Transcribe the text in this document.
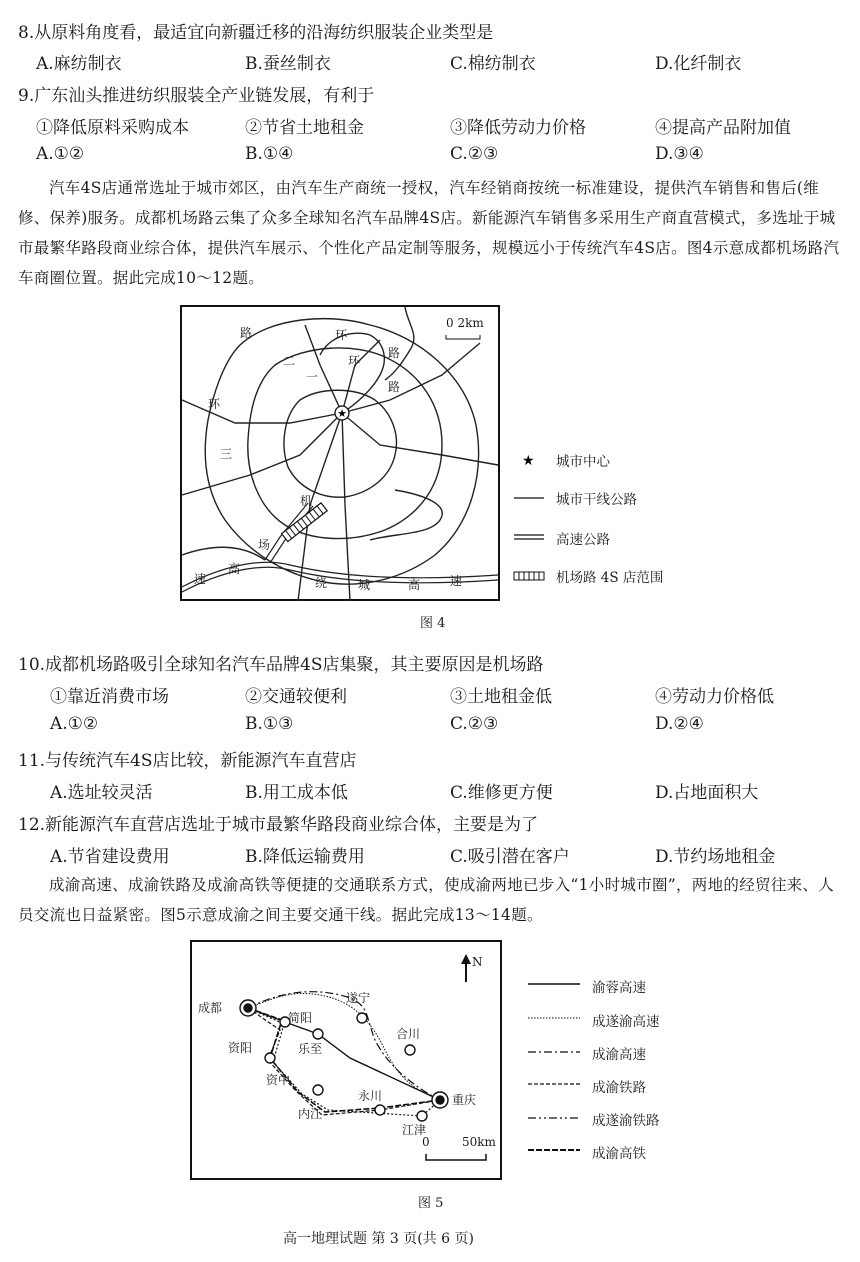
8.从原料角度看，最适宜向新疆迁移的沿海纺织服装企业类型是
A.麻纺制衣	B.蚕丝制衣	C.棉纺制衣	D.化纤制衣
9.广东汕头推进纺织服装全产业链发展，有利于
①降低原料采购成本	②节省土地租金	③降低劳动力价格	④提高产品附加值
A.①②	B.①④	C.②③	D.③④
汽车4S店通常选址于城市郊区，由汽车生产商统一授权，汽车经销商按统一标准建设，提供汽车销售和售后(维修、保养)服务。成都机场路云集了众多全球知名汽车品牌4S店。新能源汽车销售多采用生产商直营模式，多选址于城市最繁华路段商业综合体，提供汽车展示、个性化产品定制等服务，规模远小于传统汽车4S店。图4示意成都机场路汽车商圈位置。据此完成10～12题。
★
路
环
三
二
一
环
环
路
路
机
场
速
高
绕	城	高 速
0 2km
★ 城市中心
城市干线公路
高速公路
机场路 4S 店范围
图 4
10.成都机场路吸引全球知名汽车品牌4S店集聚，其主要原因是机场路
①靠近消费市场	②交通较便利	③土地租金低	④劳动力价格低
A.①②	B.①③	C.②③	D.②④
11.与传统汽车4S店比较，新能源汽车直营店
A.选址较灵活	B.用工成本低	C.维修更方便	D.占地面积大
12.新能源汽车直营店选址于城市最繁华路段商业综合体，主要是为了
A.节省建设费用	B.降低运输费用	C.吸引潜在客户	D.节约场地租金
成渝高速、成渝铁路及成渝高铁等便捷的交通联系方式，使成渝两地已步入“1小时城市圈”，两地的经贸往来、人员交流也日益紧密。图5示意成渝之间主要交通干线。据此完成13～14题。
N
成都
遂宁
简阳
合川
资阳	乐至
资中
内江
永川	重庆
江津
0	50km
渝蓉高速
成遂渝高速
成渝高速
成渝铁路
成遂渝铁路
成渝高铁
图 5
高一地理试题 第 3 页(共 6 页)
